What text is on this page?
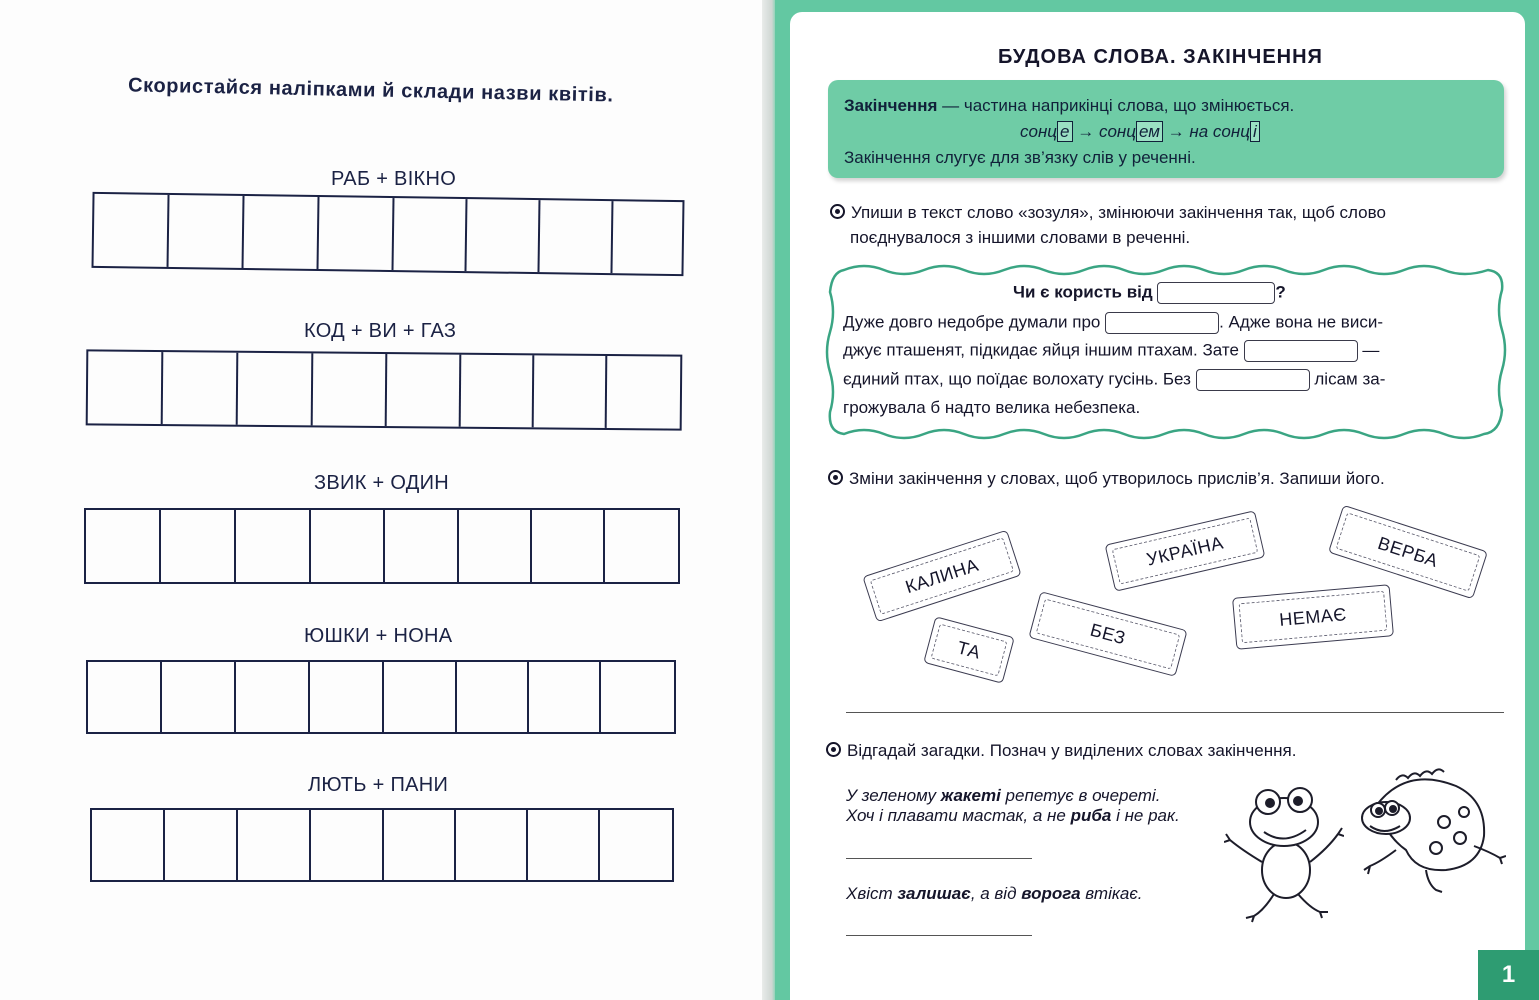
1
Скористайся наліпками й склади назви квітів.
РАБ + ВІКНО
КОД + ВИ + ГАЗ
ЗВИК + ОДИН
ЮШКИ + НОНА
ЛЮТЬ + ПАНИ
БУДОВА СЛОВА. ЗАКІНЧЕННЯ
Закінчення — частина наприкінці слова, що змінюється.
сонц е → сонц ем → на сонц і
Закінчення слугує для зв’язку слів у реченні.
Упиши в текст слово «зозуля», змінюючи закінчення так, щоб слово
поєднувалося з іншими словами в реченні.
Чи є користь від	?
Дуже довго недобре думали про	. Адже вона не виси-
джує пташенят, підкидає яйця іншим птахам. Зате	—
єдиний птах, що поїдає волохату гусінь. Без	лісам за-
грожувала б надто велика небезпека.
Зміни закінчення у словах, щоб утворилось прислів’я. Запиши його.
КАЛИНА
УКРАЇНА	ВЕРБА
БЕЗ
НЕМАЄ
ТА
Відгадай загадки. Познач у виділених словах закінчення.
У зеленому жакеті репетує в очереті.
Хоч і плавати мастак, а не риба і не рак.
Хвіст залишає, а від ворога втікає.
